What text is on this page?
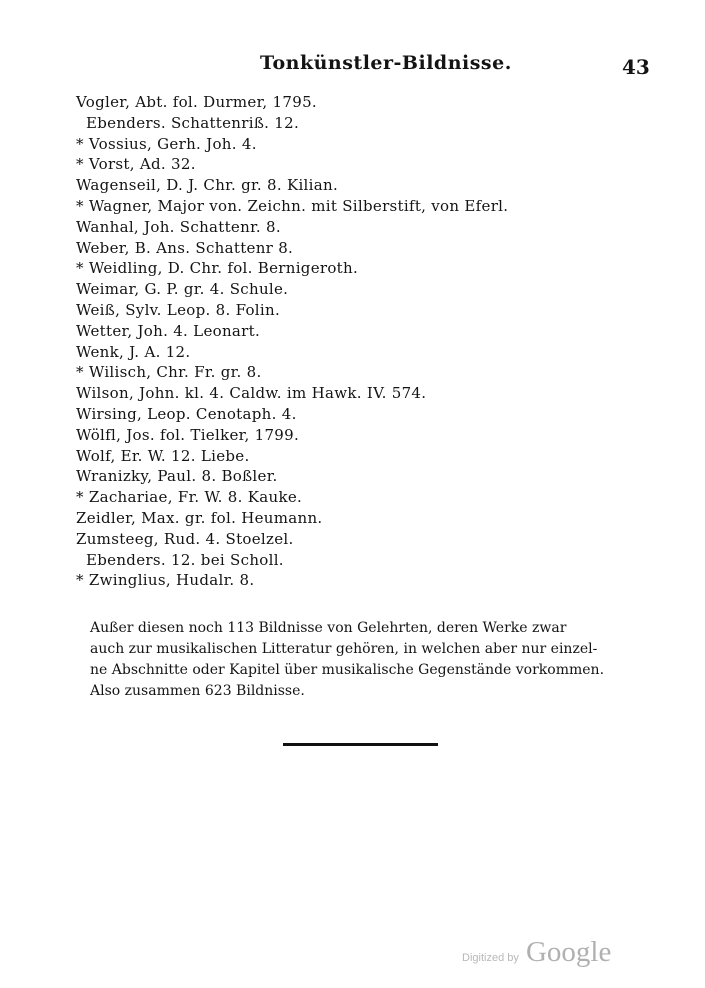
Tonkünstler-Bildnisse.	43
Vogler, Abt. fol. Durmer, 1795.
Ebenders. Schattenriß. 12.
* Vossius, Gerh. Joh. 4.
* Vorst, Ad. 32.
Wagenseil, D. J. Chr. gr. 8. Kilian.
* Wagner, Major von. Zeichn. mit Silberstift, von Eferl.
Wanhal, Joh. Schattenr. 8.
Weber, B. Ans. Schattenr 8.
* Weidling, D. Chr. fol. Bernigeroth.
Weimar, G. P. gr. 4. Schule.
Weiß, Sylv. Leop. 8. Folin.
Wetter, Joh. 4. Leonart.
Wenk, J. A. 12.
* Wilisch, Chr. Fr. gr. 8.
Wilson, John. kl. 4. Caldw. im Hawk. IV. 574.
Wirsing, Leop. Cenotaph. 4.
Wölfl, Jos. fol. Tielker, 1799.
Wolf, Er. W. 12. Liebe.
Wranizky, Paul. 8. Boßler.
* Zachariae, Fr. W. 8. Kauke.
Zeidler, Max. gr. fol. Heumann.
Zumsteeg, Rud. 4. Stoelzel.
Ebenders. 12. bei Scholl.
* Zwinglius, Hudalr. 8.
Außer diesen noch 113 Bildnisse von Gelehrten, deren Werke zwar
auch zur musikalischen Litteratur gehören, in welchen aber nur einzel-
ne Abschnitte oder Kapitel über musikalische Gegenstände vorkommen.
Also zusammen 623 Bildnisse.
Digitized by Google
